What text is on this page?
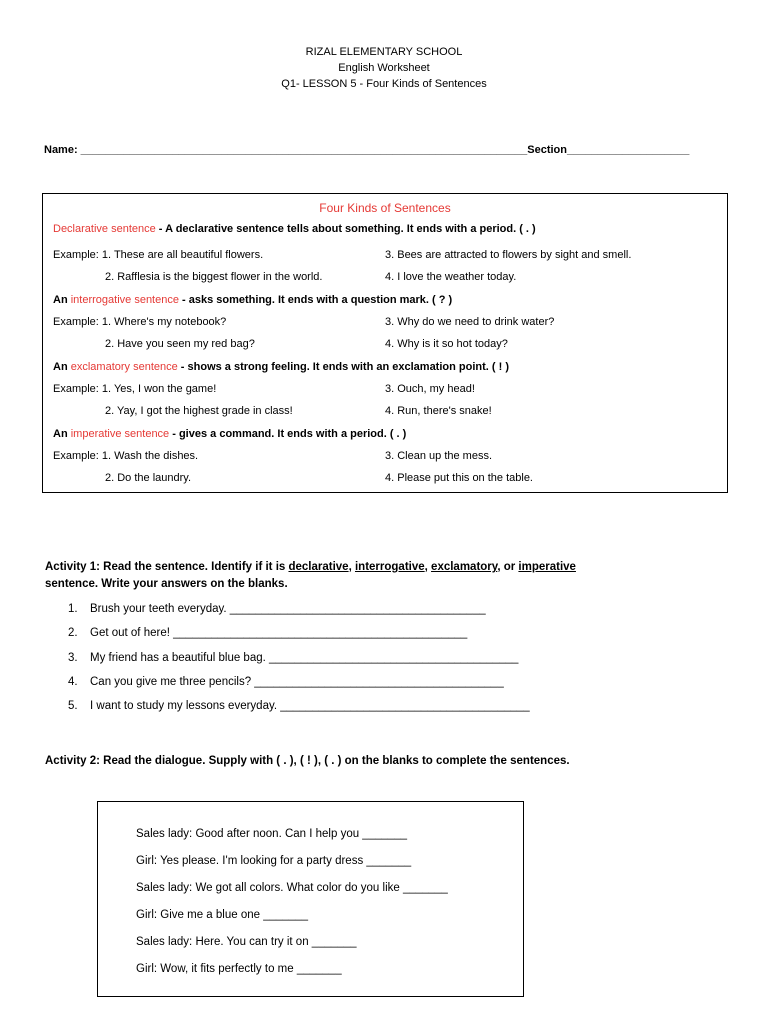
RIZAL ELEMENTARY SCHOOL
English Worksheet
Q1- LESSON 5 - Four Kinds of Sentences
Name: _________________________________________________________________________Section____________________
Four Kinds of Sentences
Declarative sentence - A declarative sentence tells about something. It ends with a period. ( . )
Example: 1. These are all beautiful flowers.	3. Bees are attracted to flowers by sight and smell.
2. Rafflesia is the biggest flower in the world.	4. I love the weather today.
An interrogative sentence - asks something. It ends with a question mark. ( ? )
Example: 1. Where's my notebook?	3. Why do we need to drink water?
2. Have you seen my red bag?	4. Why is it so hot today?
An exclamatory sentence - shows a strong feeling. It ends with an exclamation point. ( ! )
Example: 1. Yes, I won the game!	3. Ouch, my head!
2. Yay, I got the highest grade in class!	4. Run, there's snake!
An imperative sentence - gives a command. It ends with a period. ( . )
Example: 1. Wash the dishes.	3. Clean up the mess.
2. Do the laundry.	4. Please put this on the table.
Activity 1: Read the sentence. Identify if it is declarative, interrogative, exclamatory, or imperative
sentence. Write your answers on the blanks.
1. Brush your teeth everyday. ________________________________________
2. Get out of here! ______________________________________________
3. My friend has a beautiful blue bag. _______________________________________
4. Can you give me three pencils? _______________________________________
5. I want to study my lessons everyday. _______________________________________
Activity 2: Read the dialogue. Supply with ( . ), ( ! ), ( . ) on the blanks to complete the sentences.
Sales lady: Good after noon. Can I help you _______
Girl: Yes please. I'm looking for a party dress _______
Sales lady: We got all colors. What color do you like _______
Girl: Give me a blue one _______
Sales lady: Here. You can try it on _______
Girl: Wow, it fits perfectly to me _______
